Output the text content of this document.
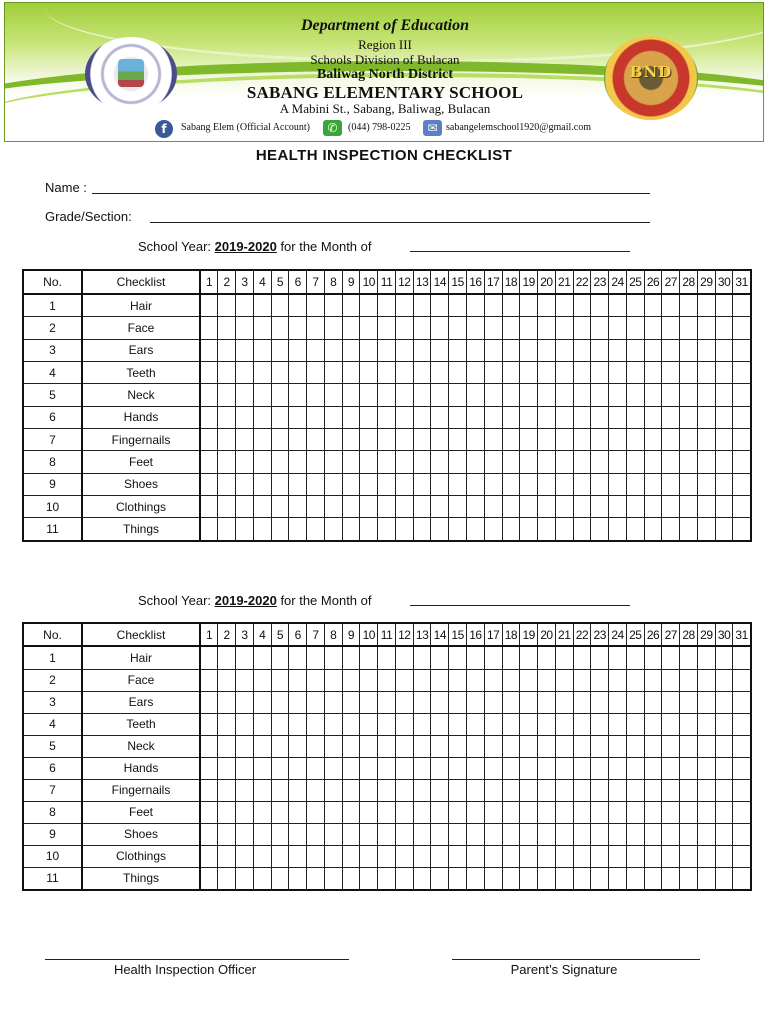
BND
Department of Education
Region III
Schools Division of Bulacan
Baliwag North District
SABANG ELEMENTARY SCHOOL
A Mabini St., Sabang, Baliwag, Bulacan
f	Sabang Elem (Official Account)	✆	(044) 798-0225	✉ sabangelemschool1920@gmail.com
HEALTH INSPECTION CHECKLIST
Name :
Grade/Section:
School Year: 2019-2020 for the Month of
No.	Checklist	1	2	3	4	5	6	7	8	9	10	11	12	13	14	15	16	17	18	19	20	21	22	23	24	25	26	27	28	29	30	31
1	Hair																															
2	Face																															
3	Ears																															
4	Teeth																															
5	Neck																															
6	Hands																															
7	Fingernails																															
8	Feet																															
9	Shoes																															
10	Clothings																															
11	Things																															
School Year: 2019-2020 for the Month of
No.	Checklist	1	2	3	4	5	6	7	8	9	10	11	12	13	14	15	16	17	18	19	20	21	22	23	24	25	26	27	28	29	30	31
1	Hair																															
2	Face																															
3	Ears																															
4	Teeth																															
5	Neck																															
6	Hands																															
7	Fingernails																															
8	Feet																															
9	Shoes																															
10	Clothings																															
11	Things																															
Health Inspection Officer	Parent’s Signature
